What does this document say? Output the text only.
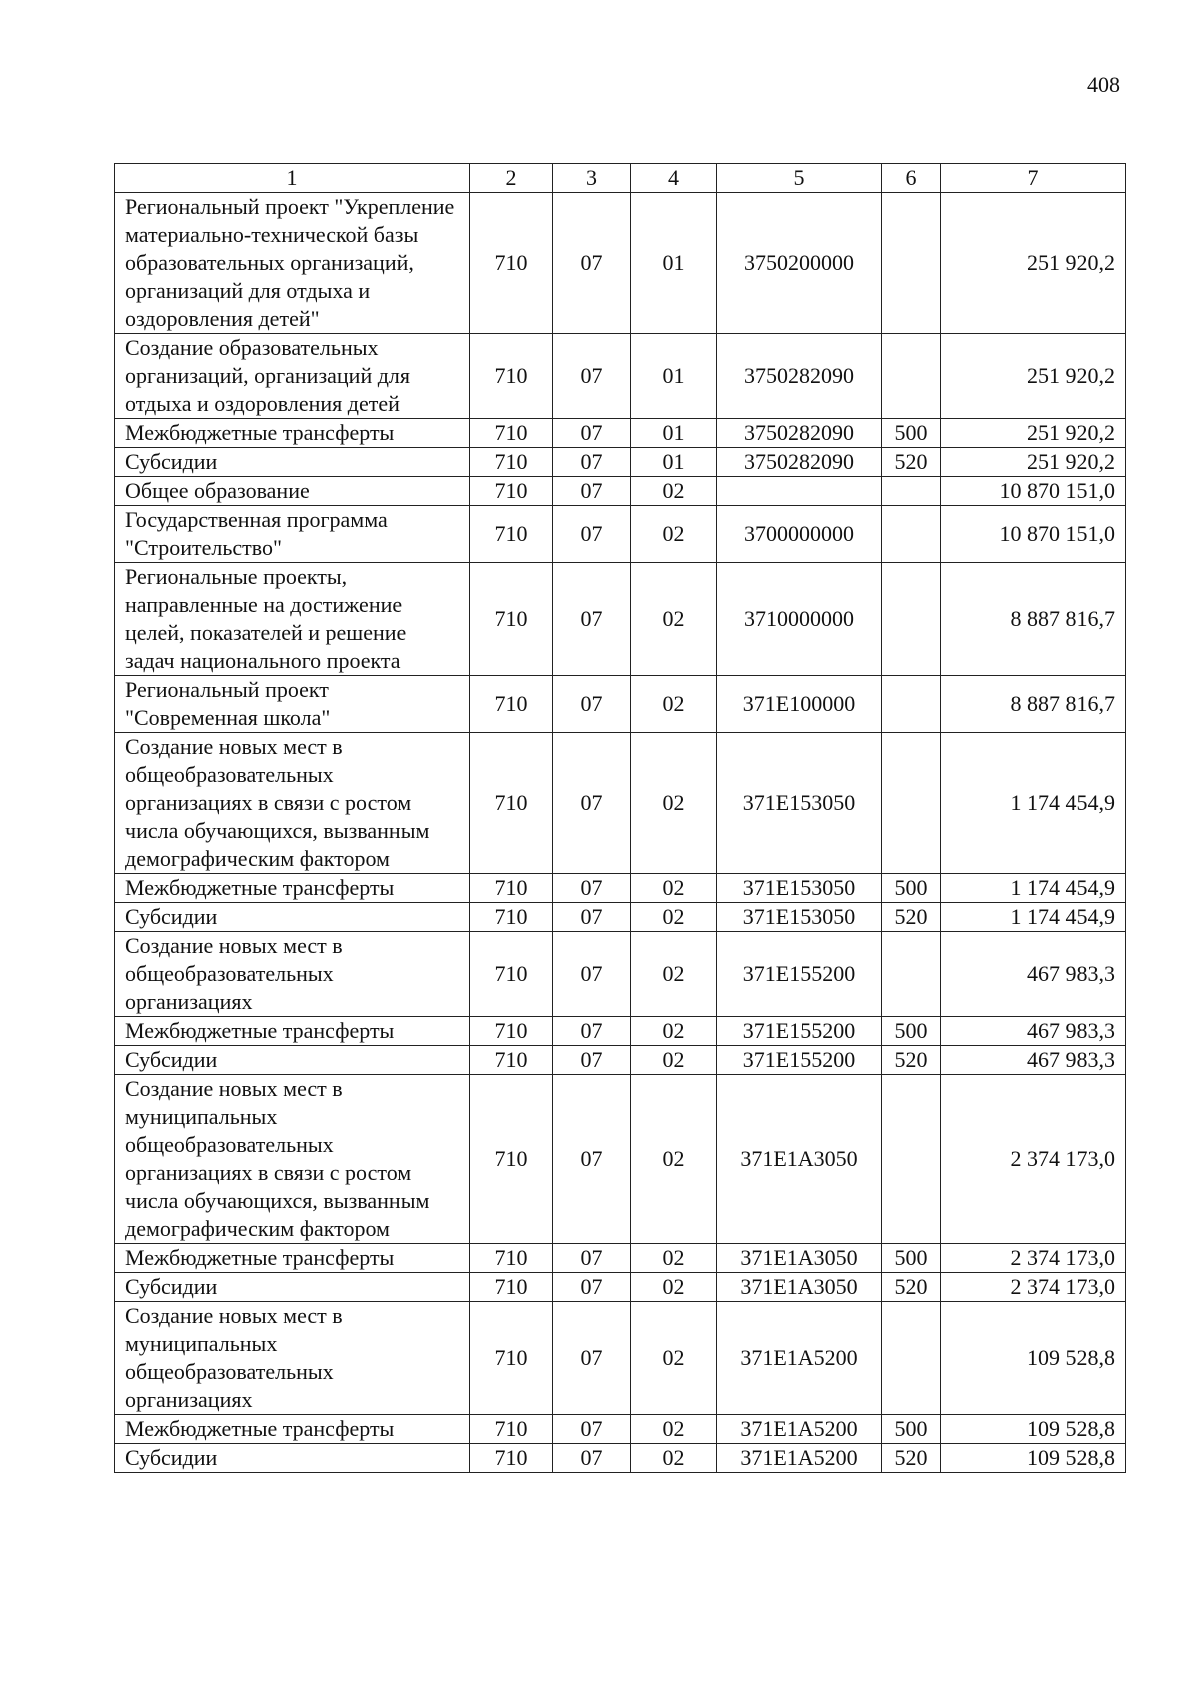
408
1	2	3	4	5	6	7
Региональный проект "Укрепление материально-технической базы образовательных организаций, организаций для отдыха и оздоровления детей"	710	07	01	3750200000		251 920,2
Создание образовательных организаций, организаций для отдыха и оздоровления детей	710	07	01	3750282090		251 920,2
Межбюджетные трансферты	710	07	01	3750282090	500	251 920,2
Субсидии	710	07	01	3750282090	520	251 920,2
Общее образование	710	07	02			10 870 151,0
Государственная программа "Строительство"	710	07	02	3700000000		10 870 151,0
Региональные проекты, направленные на достижение целей, показателей и решение задач национального проекта	710	07	02	3710000000		8 887 816,7
Региональный проект "Современная школа"	710	07	02	371E100000		8 887 816,7
Создание новых мест в общеобразовательных организациях в связи с ростом числа обучающихся, вызванным демографическим фактором	710	07	02	371E153050		1 174 454,9
Межбюджетные трансферты	710	07	02	371E153050	500	1 174 454,9
Субсидии	710	07	02	371E153050	520	1 174 454,9
Создание новых мест в общеобразовательных организациях	710	07	02	371E155200		467 983,3
Межбюджетные трансферты	710	07	02	371E155200	500	467 983,3
Субсидии	710	07	02	371E155200	520	467 983,3
Создание новых мест в муниципальных общеобразовательных организациях в связи с ростом числа обучающихся, вызванным демографическим фактором	710	07	02	371E1A3050		2 374 173,0
Межбюджетные трансферты	710	07	02	371E1A3050	500	2 374 173,0
Субсидии	710	07	02	371E1A3050	520	2 374 173,0
Создание новых мест в муниципальных общеобразовательных организациях	710	07	02	371E1A5200		109 528,8
Межбюджетные трансферты	710	07	02	371E1A5200	500	109 528,8
Субсидии	710	07	02	371E1A5200	520	109 528,8
